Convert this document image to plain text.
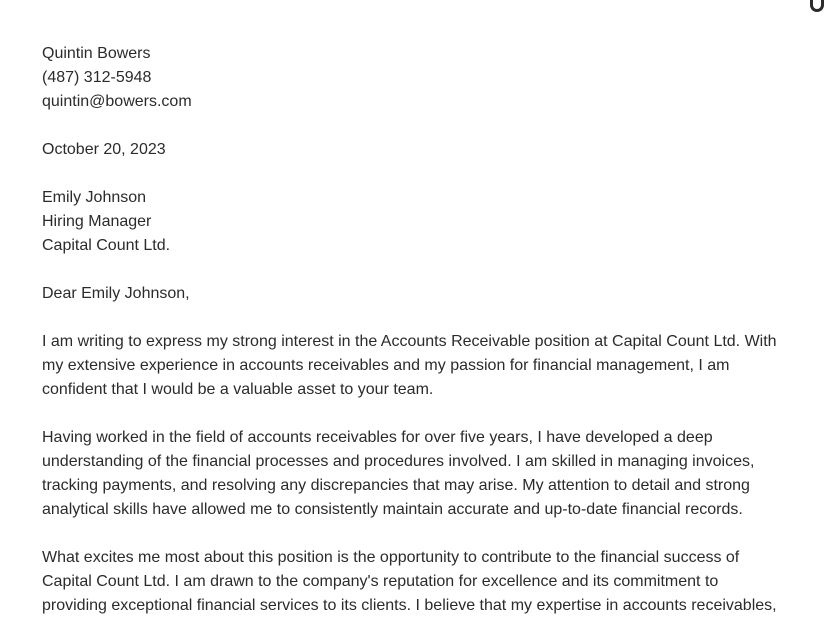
Quintin Bowers
(487) 312-5948
quintin@bowers.com
October 20, 2023
Emily Johnson
Hiring Manager
Capital Count Ltd.
Dear Emily Johnson,
I am writing to express my strong interest in the Accounts Receivable position at Capital Count Ltd. With
my extensive experience in accounts receivables and my passion for financial management, I am
confident that I would be a valuable asset to your team.
Having worked in the field of accounts receivables for over five years, I have developed a deep
understanding of the financial processes and procedures involved. I am skilled in managing invoices,
tracking payments, and resolving any discrepancies that may arise. My attention to detail and strong
analytical skills have allowed me to consistently maintain accurate and up-to-date financial records.
What excites me most about this position is the opportunity to contribute to the financial success of
Capital Count Ltd. I am drawn to the company's reputation for excellence and its commitment to
providing exceptional financial services to its clients. I believe that my expertise in accounts receivables,
